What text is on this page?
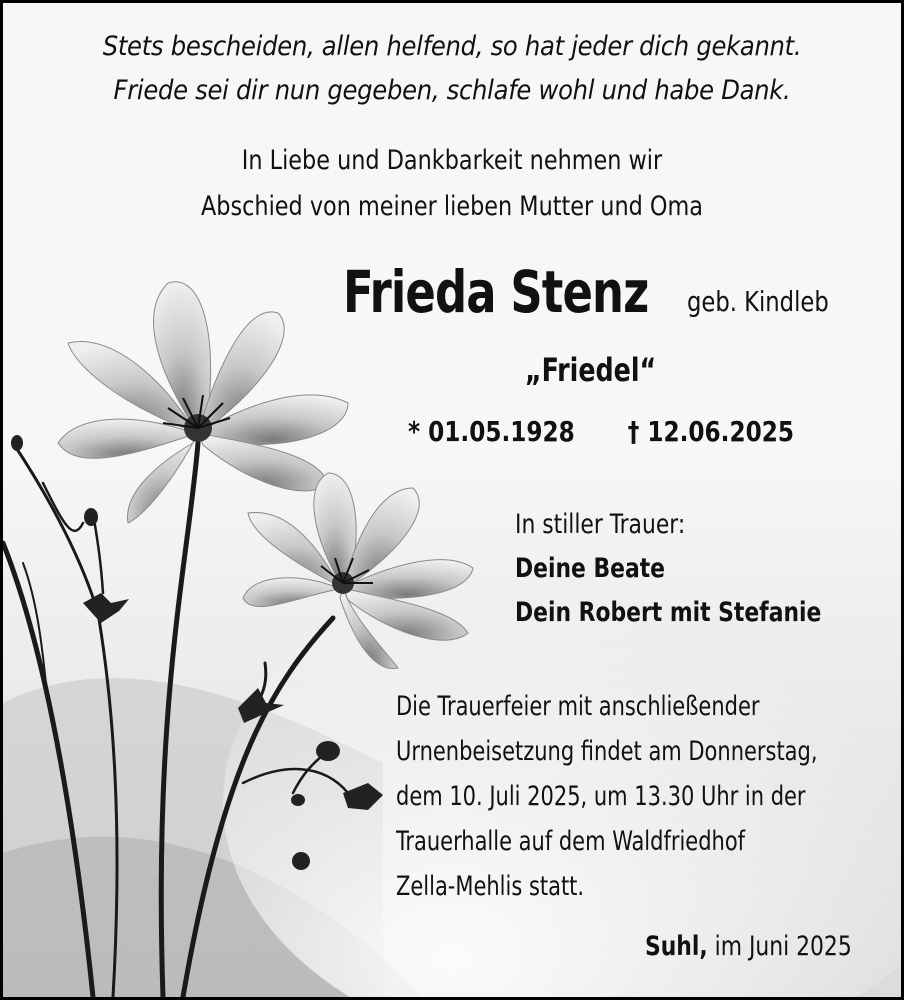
Stets bescheiden, allen helfend, so hat jeder dich gekannt.
Friede sei dir nun gegeben, schlafe wohl und habe Dank.
In Liebe und Dankbarkeit nehmen wir
Abschied von meiner lieben Mutter und Oma
Frieda Stenz geb. Kindleb
„Friedel“
* 01.05.1928 † 12.06.2025
In stiller Trauer:
Deine Beate
Dein Robert mit Stefanie
Die Trauerfeier mit anschließender
Urnenbeisetzung findet am Donnerstag,
dem 10. Juli 2025, um 13.30 Uhr in der
Trauerhalle auf dem Waldfriedhof
Zella-Mehlis statt.
Suhl, im Juni 2025
